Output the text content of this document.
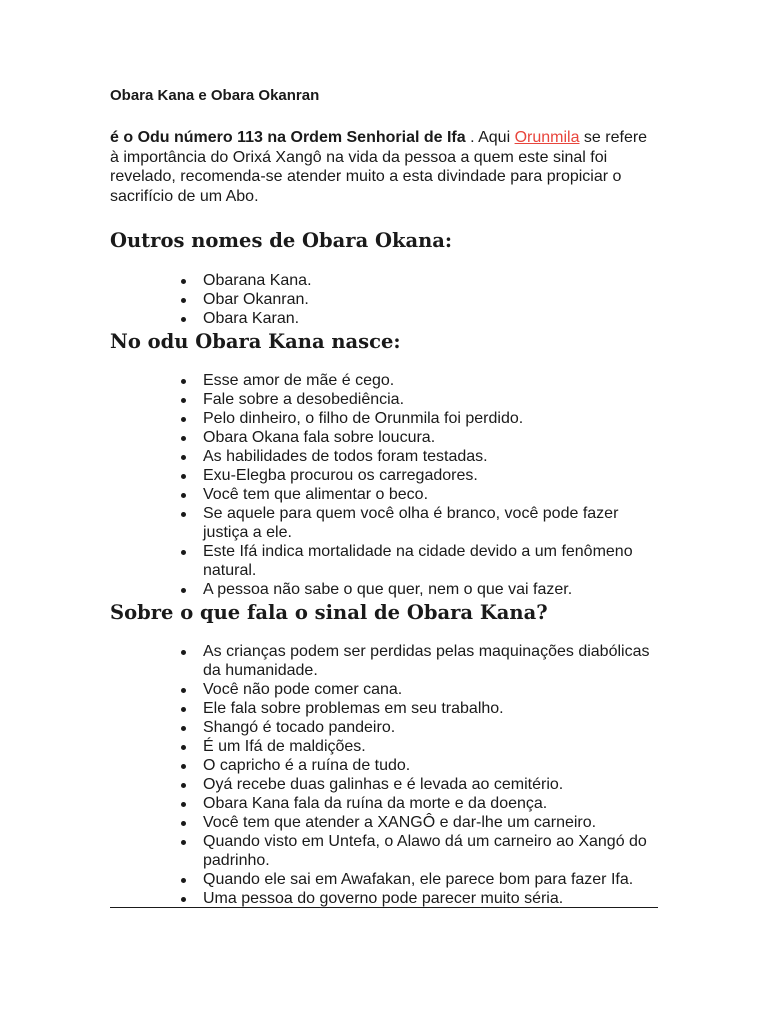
Obara Kana e Obara Okanran

é o Odu número 113 na Ordem Senhorial de Ifa . Aqui Orunmila se refere à importância do Orixá Xangô na vida da pessoa a quem este sinal foi revelado, recomenda-se atender muito a esta divindade para propiciar o sacrifício de um Abo.

Outros nomes de Obara Okana:
Obarana Kana.
Obar Okanran.
Obara Karan.
No odu Obara Kana nasce:
Esse amor de mãe é cego.
Fale sobre a desobediência.
Pelo dinheiro, o filho de Orunmila foi perdido.
Obara Okana fala sobre loucura.
As habilidades de todos foram testadas.
Exu-Elegba procurou os carregadores.
Você tem que alimentar o beco.
Se aquele para quem você olha é branco, você pode fazer justiça a ele.
Este Ifá indica mortalidade na cidade devido a um fenômeno natural.
A pessoa não sabe o que quer, nem o que vai fazer.
Sobre o que fala o sinal de Obara Kana?
As crianças podem ser perdidas pelas maquinações diabólicas da humanidade.
Você não pode comer cana.
Ele fala sobre problemas em seu trabalho.
Shangó é tocado pandeiro.
É um Ifá de maldições.
O capricho é a ruína de tudo.
Oyá recebe duas galinhas e é levada ao cemitério.
Obara Kana fala da ruína da morte e da doença.
Você tem que atender a XANGÔ e dar-lhe um carneiro.
Quando visto em Untefa, o Alawo dá um carneiro ao Xangó do padrinho.
Quando ele sai em Awafakan, ele parece bom para fazer Ifa.
Uma pessoa do governo pode parecer muito séria.
